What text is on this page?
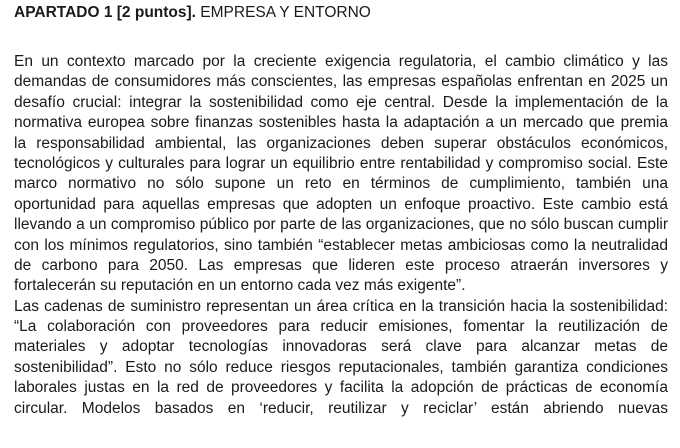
APARTADO 1 [2 puntos]. EMPRESA Y ENTORNO
En un contexto marcado por la creciente exigencia regulatoria, el cambio climático y las
demandas de consumidores más conscientes, las empresas españolas enfrentan en 2025 un
desafío crucial: integrar la sostenibilidad como eje central. Desde la implementación de la
normativa europea sobre finanzas sostenibles hasta la adaptación a un mercado que premia
la responsabilidad ambiental, las organizaciones deben superar obstáculos económicos,
tecnológicos y culturales para lograr un equilibrio entre rentabilidad y compromiso social. Este
marco normativo no sólo supone un reto en términos de cumplimiento, también una
oportunidad para aquellas empresas que adopten un enfoque proactivo. Este cambio está
llevando a un compromiso público por parte de las organizaciones, que no sólo buscan cumplir
con los mínimos regulatorios, sino también “establecer metas ambiciosas como la neutralidad
de carbono para 2050. Las empresas que lideren este proceso atraerán inversores y
fortalecerán su reputación en un entorno cada vez más exigente”.
Las cadenas de suministro representan un área crítica en la transición hacia la sostenibilidad:
“La colaboración con proveedores para reducir emisiones, fomentar la reutilización de
materiales y adoptar tecnologías innovadoras será clave para alcanzar metas de
sostenibilidad”. Esto no sólo reduce riesgos reputacionales, también garantiza condiciones
laborales justas en la red de proveedores y facilita la adopción de prácticas de economía
circular. Modelos basados en ‘reducir, reutilizar y reciclar’ están abriendo nuevas
